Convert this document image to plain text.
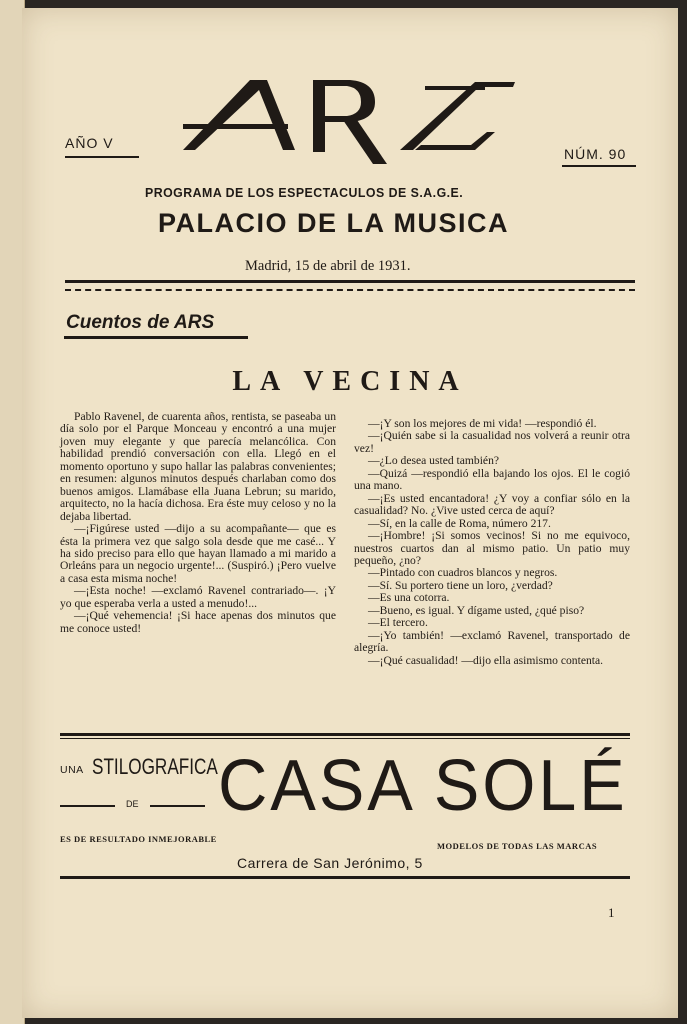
AÑO V
NÚM. 90
PROGRAMA DE LOS ESPECTACULOS DE S.A.G.E.
PALACIO DE LA MUSICA
Madrid, 15 de abril de 1931.
Cuentos de ARS
LA VECINA

Pablo Ravenel, de cuarenta años, rentista, se paseaba un día solo por el Parque Monceau y encontró a una mujer joven muy elegante y que parecía melancólica. Con habilidad prendió conversación con ella. Llegó en el momento oportuno y supo hallar las palabras convenientes; en resumen: algunos minutos después charlaban como dos buenos amigos. Llamábase ella Juana Lebrun; su marido, arquitecto, no la hacía dichosa. Era éste muy celoso y no la dejaba libertad.

—¡Figúrese usted —dijo a su acompañante— que es ésta la primera vez que salgo sola desde que me casé... Y ha sido preciso para ello que hayan llamado a mi marido a Orleáns para un negocio urgente!... (Suspiró.) ¡Pero vuelve a casa esta misma noche!

—¡Esta noche! —exclamó Ravenel contrariado—. ¡Y yo que esperaba verla a usted a menudo!...

—¡Qué vehemencia! ¡Si hace apenas dos minutos que me conoce usted!

—¡Y son los mejores de mi vida! —respondió él.

—¡Quién sabe si la casualidad nos volverá a reunir otra vez!

—¿Lo desea usted también?

—Quizá —respondió ella bajando los ojos. El le cogió una mano.

—¡Es usted encantadora! ¿Y voy a confiar sólo en la casualidad? No. ¿Vive usted cerca de aquí?

—Sí, en la calle de Roma, número 217.

—¡Hombre! ¡Si somos vecinos! Si no me equivoco, nuestros cuartos dan al mismo patio. Un patio muy pequeño, ¿no?

—Pintado con cuadros blancos y negros.

—Sí. Su portero tiene un loro, ¿verdad?

—Es una cotorra.

—Bueno, es igual. Y dígame usted, ¿qué piso?

—El tercero.

—¡Yo también! —exclamó Ravenel, transportado de alegría.

—¡Qué casualidad! —dijo ella asimismo contenta.

UNA STILOGRAFICA
DE CASA SOLÉ
ES DE RESULTADO INMEJORABLE
MODELOS DE TODAS LAS MARCAS
Carrera de San Jerónimo, 5
1
